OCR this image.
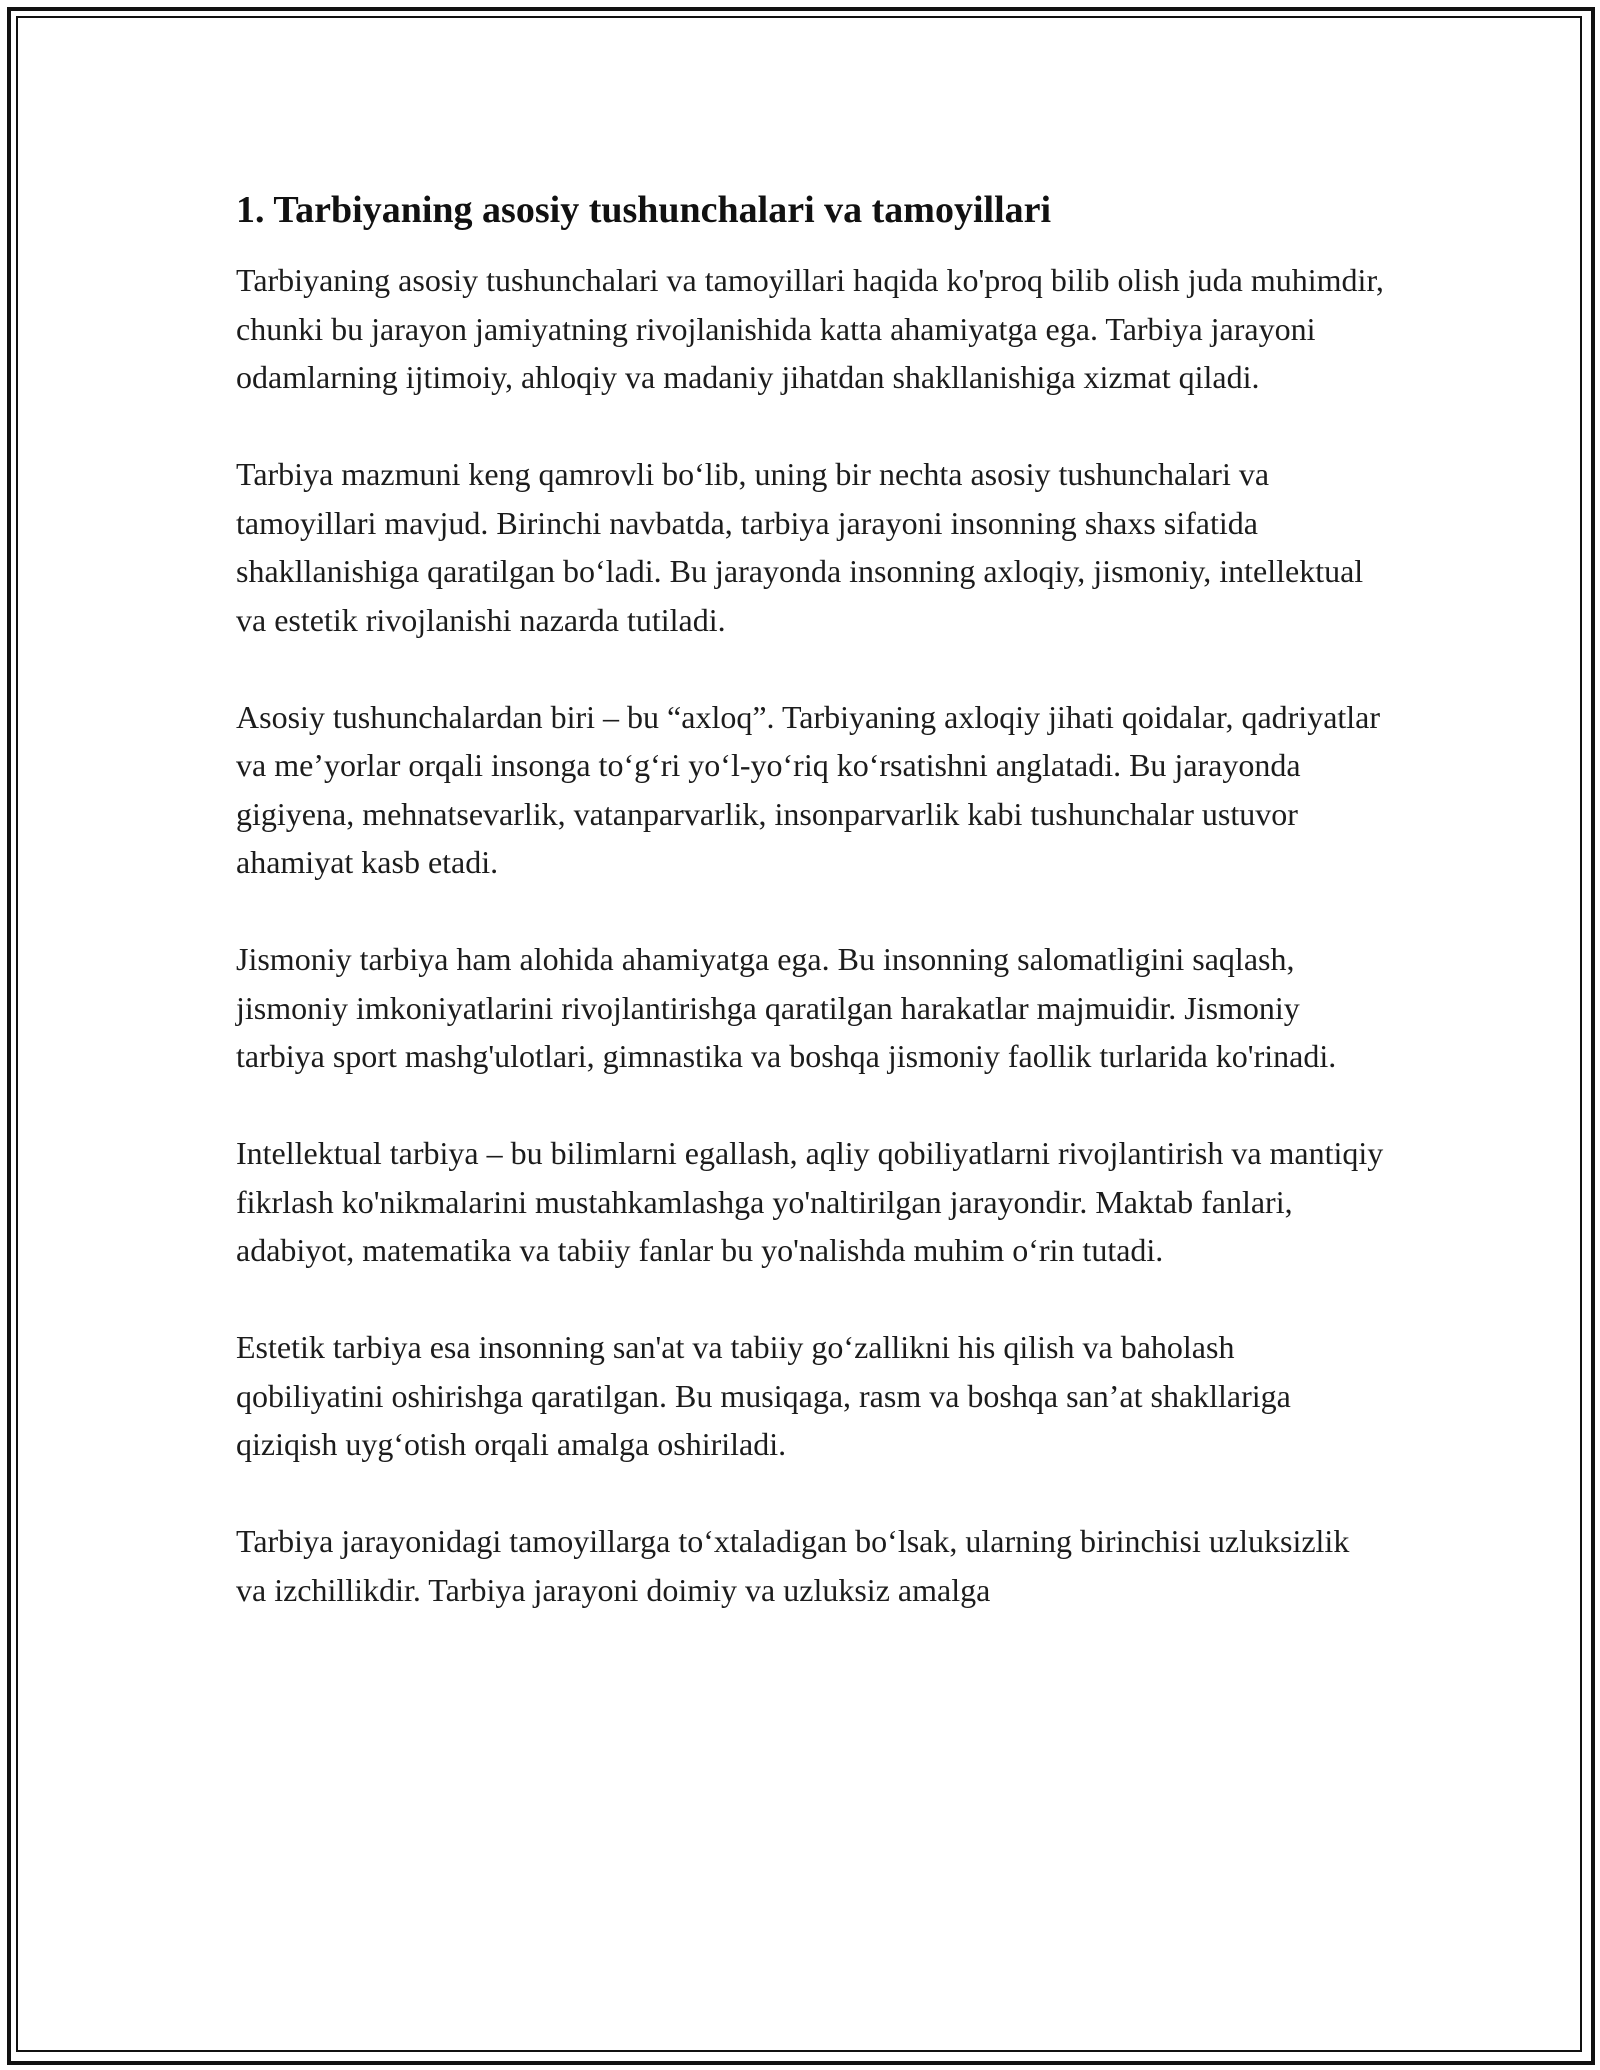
1. Tarbiyaning asosiy tushunchalari va tamoyillari

Tarbiyaning asosiy tushunchalari va tamoyillari haqida ko'proq bilib olish juda muhimdir, chunki bu jarayon jamiyatning rivojlanishida katta ahamiyatga ega. Tarbiya jarayoni odamlarning ijtimoiy, ahloqiy va madaniy jihatdan shakllanishiga xizmat qiladi.

Tarbiya mazmuni keng qamrovli bo‘lib, uning bir nechta asosiy tushunchalari va tamoyillari mavjud. Birinchi navbatda, tarbiya jarayoni insonning shaxs sifatida shakllanishiga qaratilgan bo‘ladi. Bu jarayonda insonning axloqiy, jismoniy, intellektual va estetik rivojlanishi nazarda tutiladi.

Asosiy tushunchalardan biri – bu “axloq”. Tarbiyaning axloqiy jihati qoidalar, qadriyatlar va me’yorlar orqali insonga to‘g‘ri yo‘l-yo‘riq ko‘rsatishni anglatadi. Bu jarayonda gigiyena, mehnatsevarlik, vatanparvarlik, insonparvarlik kabi tushunchalar ustuvor ahamiyat kasb etadi.

Jismoniy tarbiya ham alohida ahamiyatga ega. Bu insonning salomatligini saqlash, jismoniy imkoniyatlarini rivojlantirishga qaratilgan harakatlar majmuidir. Jismoniy tarbiya sport mashg'ulotlari, gimnastika va boshqa jismoniy faollik turlarida ko'rinadi.

Intellektual tarbiya – bu bilimlarni egallash, aqliy qobiliyatlarni rivojlantirish va mantiqiy fikrlash ko'nikmalarini mustahkamlashga yo'naltirilgan jarayondir. Maktab fanlari, adabiyot, matematika va tabiiy fanlar bu yo'nalishda muhim o‘rin tutadi.

Estetik tarbiya esa insonning san'at va tabiiy go‘zallikni his qilish va baholash qobiliyatini oshirishga qaratilgan. Bu musiqaga, rasm va boshqa san’at shakllariga qiziqish uyg‘otish orqali amalga oshiriladi.

Tarbiya jarayonidagi tamoyillarga to‘xtaladigan bo‘lsak, ularning birinchisi uzluksizlik va izchillikdir. Tarbiya jarayoni doimiy va uzluksiz amalga
